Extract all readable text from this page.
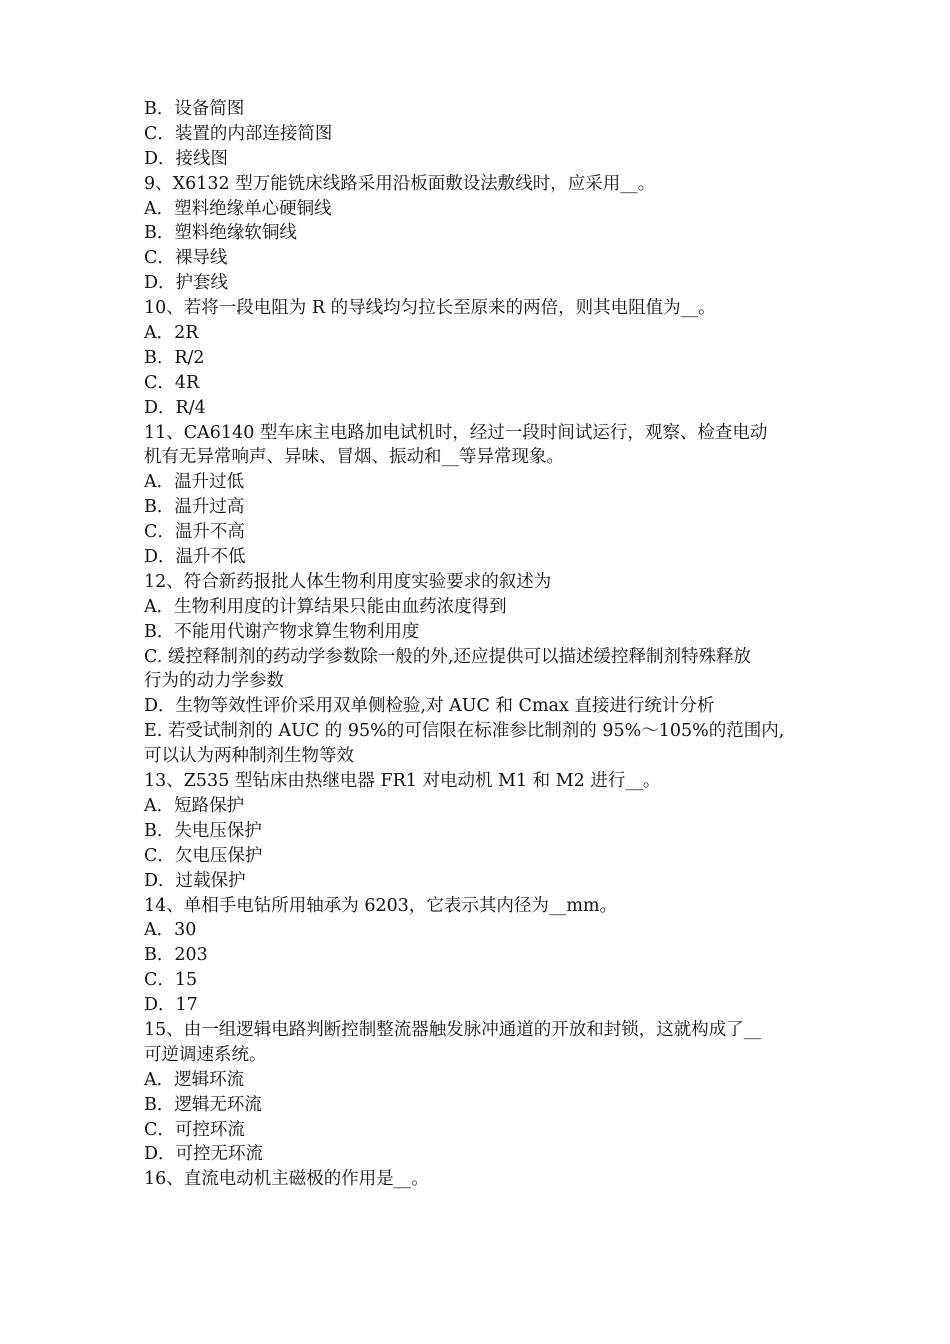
B．设备简图
C．装置的内部连接简图
D．接线图
9、X6132 型万能铣床线路采用沿板面敷设法敷线时，应采用__。
A．塑料绝缘单心硬铜线
B．塑料绝缘软铜线
C．裸导线
D．护套线
10、若将一段电阻为 R 的导线均匀拉长至原来的两倍，则其电阻值为__。
A．2R
B．R/2
C．4R
D．R/4
11、CA6140 型车床主电路加电试机时，经过一段时间试运行，观察、检查电动
机有无异常响声、异味、冒烟、振动和__等异常现象。
A．温升过低
B．温升过高
C．温升不高
D．温升不低
12、符合新药报批人体生物利用度实验要求的叙述为
A．生物利用度的计算结果只能由血药浓度得到
B．不能用代谢产物求算生物利用度
C. 缓控释制剂的药动学参数除一般的外,还应提供可以描述缓控释制剂特殊释放
行为的动力学参数
D．生物等效性评价采用双单侧检验,对 AUC 和 Cmax 直接进行统计分析
E. 若受试制剂的 AUC 的 95%的可信限在标准参比制剂的 95%～105%的范围内,
可以认为两种制剂生物等效
13、Z535 型钻床由热继电器 FR1 对电动机 M1 和 M2 进行__。
A．短路保护
B．失电压保护
C．欠电压保护
D．过载保护
14、单相手电钻所用轴承为 6203，它表示其内径为__mm。
A．30
B．203
C．15
D．17
15、由一组逻辑电路判断控制整流器触发脉冲通道的开放和封锁，这就构成了__
可逆调速系统。
A．逻辑环流
B．逻辑无环流
C．可控环流
D．可控无环流
16、直流电动机主磁极的作用是__。
